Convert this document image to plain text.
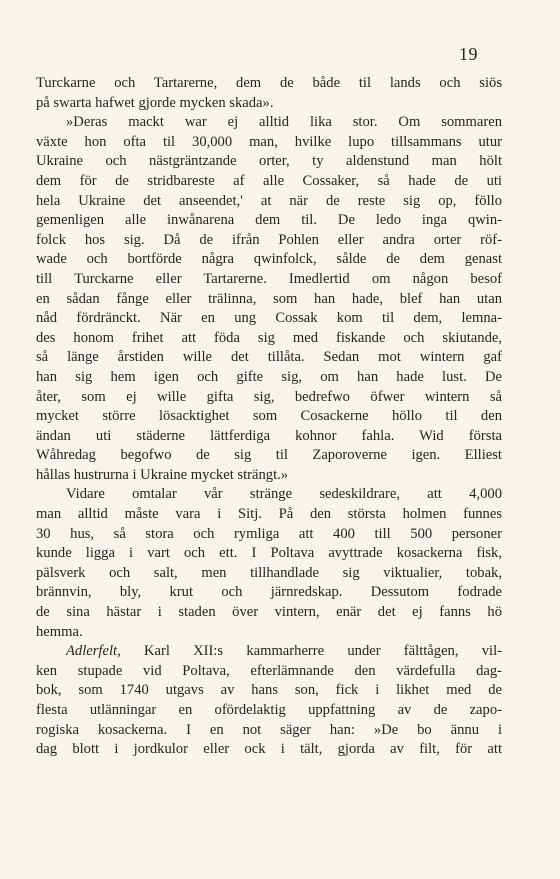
19
Turckarne och Tartarerne, dem de både til lands och siös
på swarta hafwet gjorde mycken skada».
»Deras mackt war ej alltid lika stor. Om sommaren
växte hon ofta til 30,000 man, hvilke lupo tillsammans utur
Ukraine och nästgräntzande orter, ty aldenstund man hölt
dem för de stridbareste af alle Cossaker, så hade de uti
hela Ukraine det anseendet,' at när de reste sig op, föllo
gemenligen alle inwånarena dem til. De ledo inga qwin-
folck hos sig. Då de ifrån Pohlen eller andra orter röf-
wade och bortförde några qwinfolck, sålde de dem genast
till Turckarne eller Tartarerne. Imedlertid om någon besof
en sådan fånge eller trälinna, som han hade, blef han utan
nåd fördränckt. När en ung Cossak kom til dem, lemna-
des honom frihet att föda sig med fiskande och skiutande,
så länge årstiden wille det tillåta. Sedan mot wintern gaf
han sig hem igen och gifte sig, om han hade lust. De
åter, som ej wille gifta sig, bedrefwo öfwer wintern så
mycket större lösacktighet som Cosackerne höllo til den
ändan uti städerne lättferdiga kohnor fahla. Wid första
Wåhredag begofwo de sig til Zaporoverne igen. Elliest
hållas hustrurna i Ukraine mycket strängt.»
Vidare omtalar vår stränge sedeskildrare, att 4,000
man alltid måste vara i Sitj. På den största holmen funnes
30 hus, så stora och rymliga att 400 till 500 personer
kunde ligga i vart och ett. I Poltava avyttrade kosackerna fisk,
pälsverk och salt, men tillhandlade sig viktualier, tobak,
brännvin, bly, krut och järnredskap. Dessutom fodrade
de sina hästar i staden över vintern, enär det ej fanns hö
hemma.
Adlerfelt, Karl XII:s kammarherre under fälttågen, vil-
ken stupade vid Poltava, efterlämnande den värdefulla dag-
bok, som 1740 utgavs av hans son, fick i likhet med de
flesta utlänningar en ofördelaktig uppfattning av de zapo-
rogiska kosackerna. I en not säger han: »De bo ännu i
dag blott i jordkulor eller ock i tält, gjorda av filt, för att
